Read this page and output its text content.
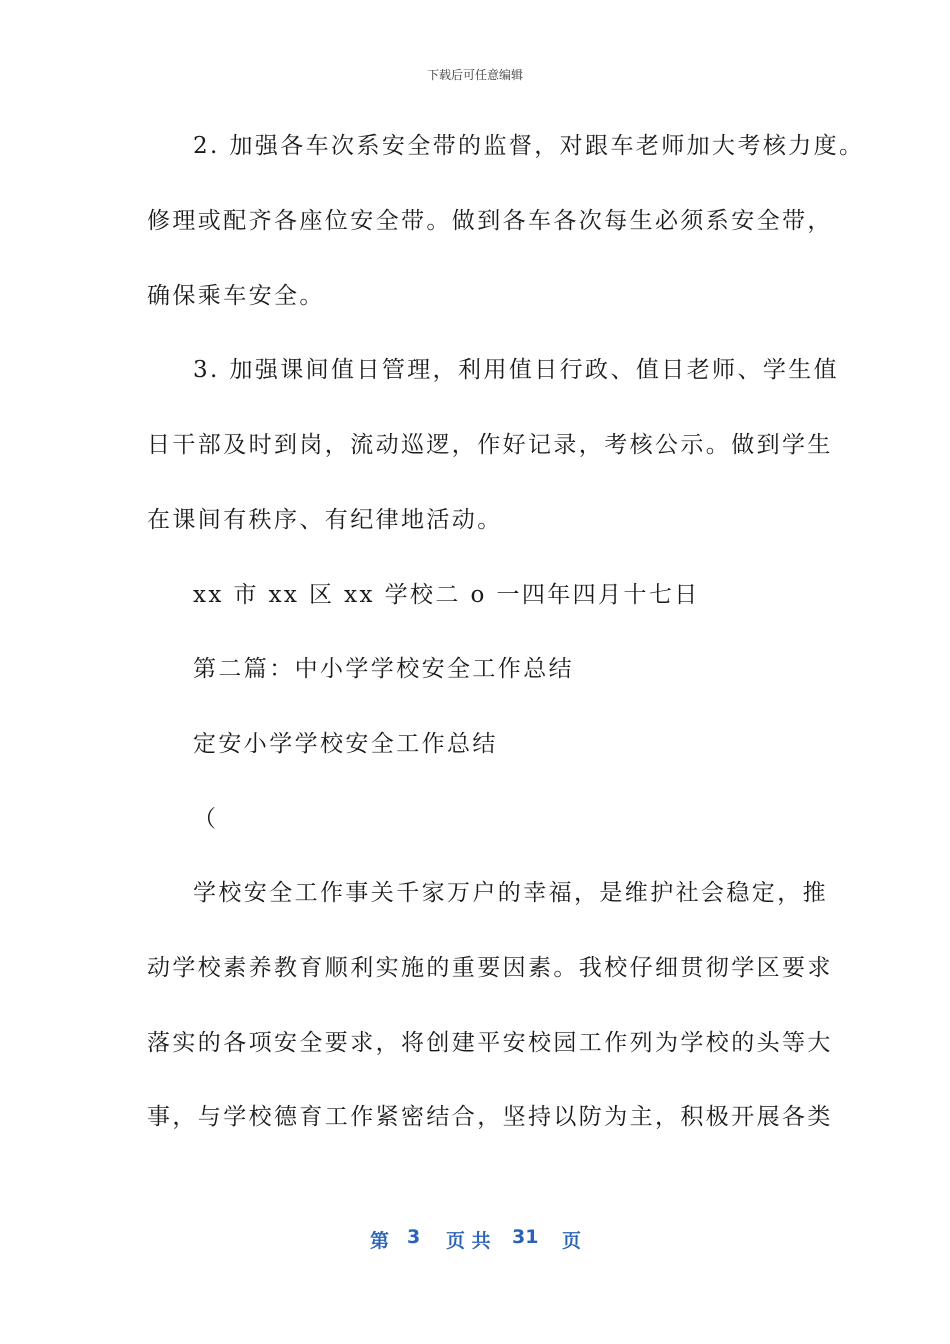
下载后可任意编辑
2. 加强各车次系安全带的监督，对跟车老师加大考核力度。
修理或配齐各座位安全带。做到各车各次每生必须系安全带，
确保乘车安全。
3. 加强课间值日管理，利用值日行政、值日老师、学生值
日干部及时到岗，流动巡逻，作好记录，考核公示。做到学生
在课间有秩序、有纪律地活动。
xx 市 xx 区 xx 学校二 o 一四年四月十七日
第二篇：中小学学校安全工作总结
定安小学学校安全工作总结
（
学校安全工作事关千家万户的幸福，是维护社会稳定，推
动学校素养教育顺利实施的重要因素。我校仔细贯彻学区要求
落实的各项安全要求，将创建平安校园工作列为学校的头等大
事，与学校德育工作紧密结合，坚持以防为主，积极开展各类
第 3 页 共 31 页
